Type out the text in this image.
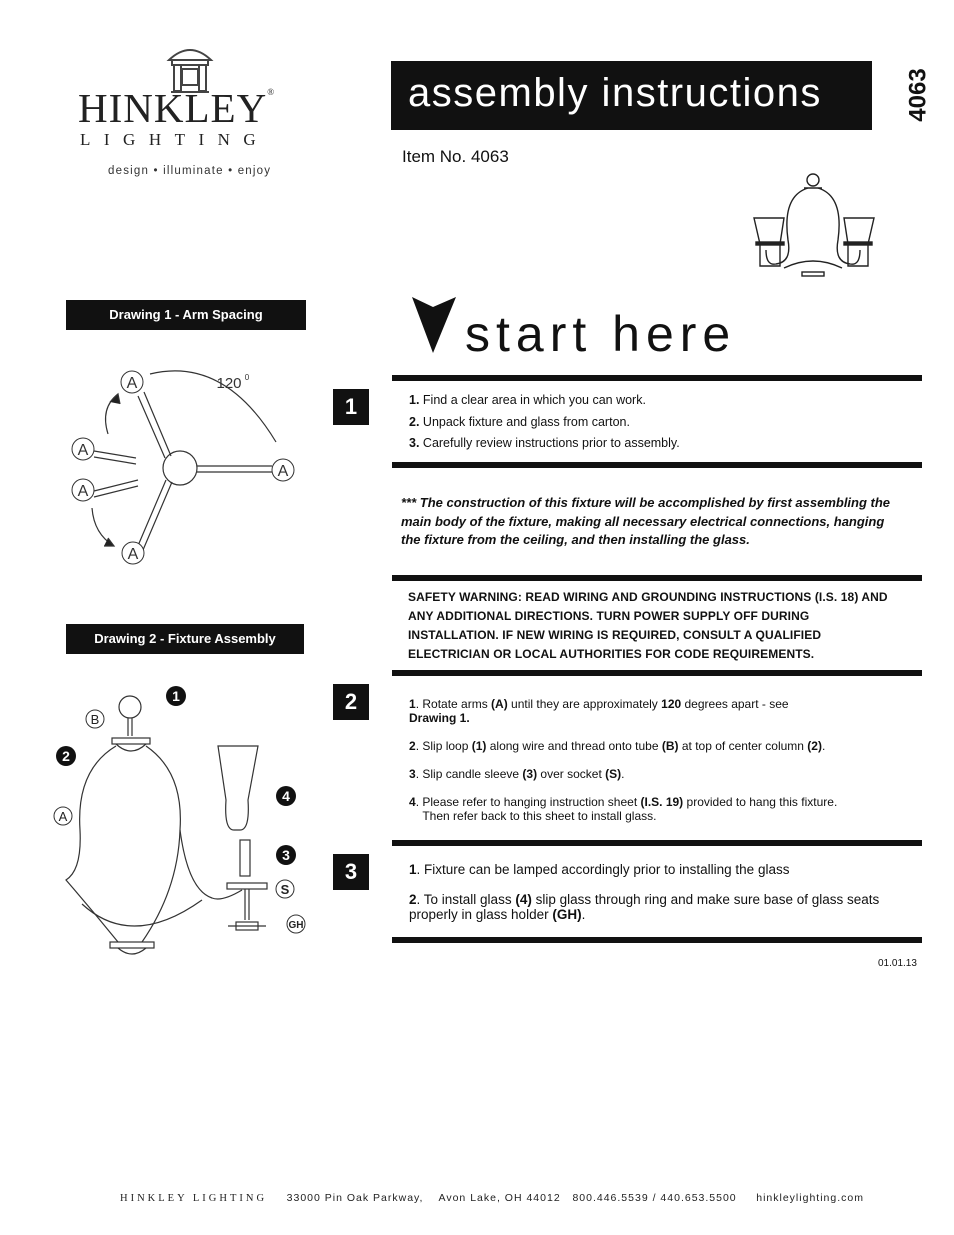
HINKLEY®
LIGHTING
design • illuminate • enjoy
assembly instructions	4063
Item No. 4063
Drawing 1 - Arm Spacing
A
A
A
A
A
120 0
Drawing 2 - Fixture Assembly
1
2
4
3
B
A
S
GH
start here
1	1. Find a clear area in which you can work.
2. Unpack fixture and glass from carton.
3. Carefully review instructions prior to assembly.
*** The construction of this fixture will be accomplished by first assembling the main body of the fixture, making all necessary electrical connections, hanging the fixture from the ceiling, and then installing the glass.
SAFETY WARNING: READ WIRING AND GROUNDING INSTRUCTIONS (I.S. 18) AND ANY ADDITIONAL DIRECTIONS. TURN POWER SUPPLY OFF DURING INSTALLATION. IF NEW WIRING IS REQUIRED, CONSULT A QUALIFIED ELECTRICIAN OR LOCAL AUTHORITIES FOR CODE REQUIREMENTS.
2	1. Rotate arms (A) until they are approximately 120 degrees apart - see
Drawing 1.

2. Slip loop (1) along wire and thread onto tube (B) at top of center column (2).

3. Slip candle sleeve (3) over socket (S).

4. Please refer to hanging instruction sheet (I.S. 19) provided to hang this fixture.
Then refer back to this sheet to install glass.

3	1. Fixture can be lamped accordingly prior to installing the glass

2. To install glass (4) slip glass through ring and make sure base of glass seats properly in glass holder (GH).

01.01.13
HINKLEY LIGHTING 33000 Pin Oak Parkway, Avon Lake, OH 44012 800.446.5539 / 440.653.5500 hinkleylighting.com
